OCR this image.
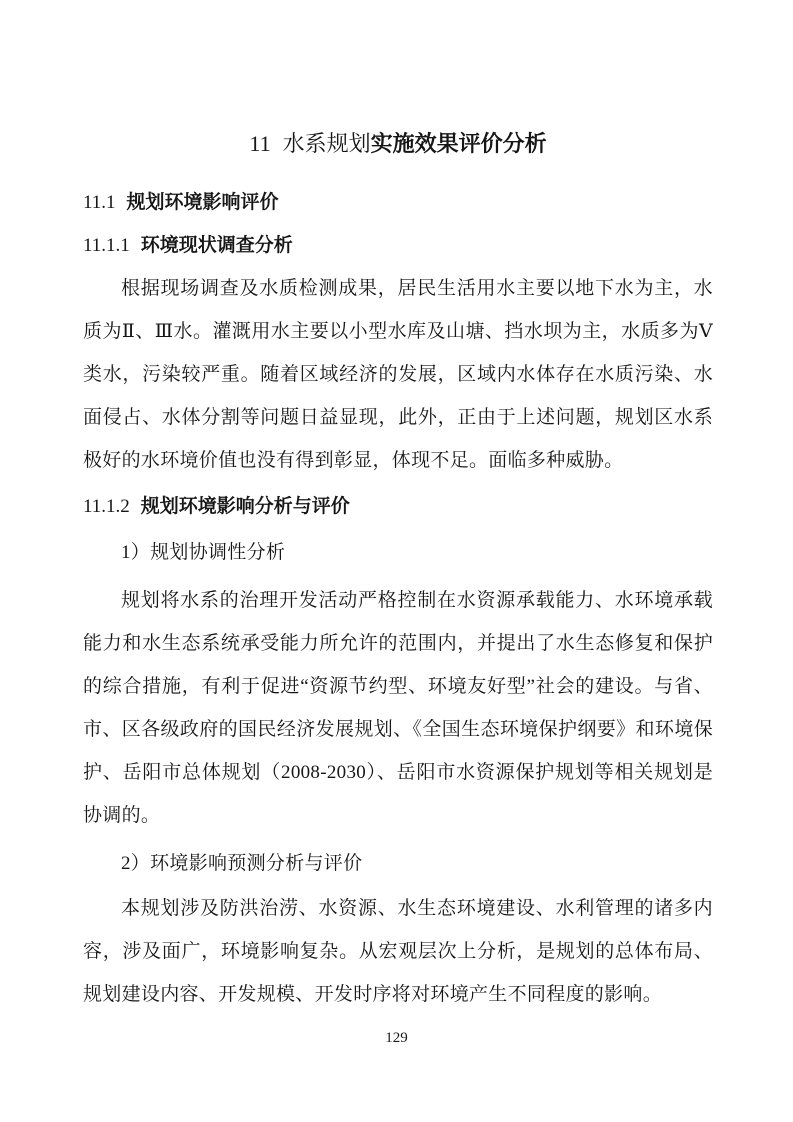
11 水系规划实施效果评价分析
11.1 规划环境影响评价
11.1.1 环境现状调查分析

根据现场调查及水质检测成果，居民生活用水主要以地下水为主，水质为Ⅱ、Ⅲ水。灌溉用水主要以小型水库及山塘、挡水坝为主，水质多为Ⅴ类水，污染较严重。随着区域经济的发展，区域内水体存在水质污染、水面侵占、水体分割等问题日益显现，此外，正由于上述问题，规划区水系极好的水环境价值也没有得到彰显，体现不足。面临多种威胁。

11.1.2 规划环境影响分析与评价
1）规划协调性分析

规划将水系的治理开发活动严格控制在水资源承载能力、水环境承载能力和水生态系统承受能力所允许的范围内，并提出了水生态修复和保护的综合措施，有利于促进“资源节约型、环境友好型”社会的建设。与省、市、区各级政府的国民经济发展规划、《全国生态环境保护纲要》和环境保护、岳阳市总体规划（2008-2030）、岳阳市水资源保护规划等相关规划是协调的。

2）环境影响预测分析与评价

本规划涉及防洪治涝、水资源、水生态环境建设、水利管理的诸多内容，涉及面广，环境影响复杂。从宏观层次上分析，是规划的总体布局、规划建设内容、开发规模、开发时序将对环境产生不同程度的影响。

129
